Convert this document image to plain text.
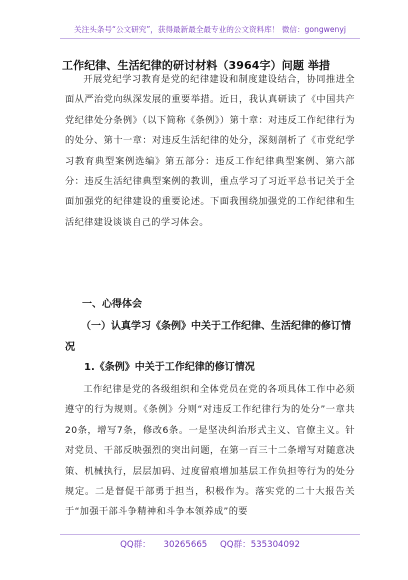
关注头条号“公文研究”，获得最新最全最专业的公文资料库！ 微信：gongwenyj
工作纪律、生活纪律的研讨材料（3964字）问题 举措
开展党纪学习教育是党的纪律建设和制度建设结合，协同推进全面从严治党向纵深发展的重要举措。近日，我认真研读了《中国共产党纪律处分条例》（以下简称《条例》）第十章：对违反工作纪律行为的处分、第十一章：对违反生活纪律的处分，深刻剖析了《市党纪学习教育典型案例选编》第五部分：违反工作纪律典型案例、第六部分：违反生活纪律典型案例的教训，重点学习了习近平总书记关于全面加强党的纪律建设的重要论述。下面我围绕加强党的工作纪律和生活纪律建设谈谈自己的学习体会。
一、心得体会
（一）认真学习《条例》中关于工作纪律、生活纪律的修订情况
1.《条例》中关于工作纪律的修订情况
工作纪律是党的各级组织和全体党员在党的各项具体工作中必须遵守的行为规则。《条例》分则“对违反工作纪律行为的处分”一章共20条，增写7条，修改6条。一是坚决纠治形式主义、官僚主义。针对党员、干部反映强烈的突出问题，在第一百三十二条增写对随意决策、机械执行，层层加码、过度留痕增加基层工作负担等行为的处分规定。二是督促干部勇于担当，积极作为。落实党的二十大报告关于“加强干部斗争精神和斗争本领养成”的要
QQ群： 30265665 QQ群：535304092
